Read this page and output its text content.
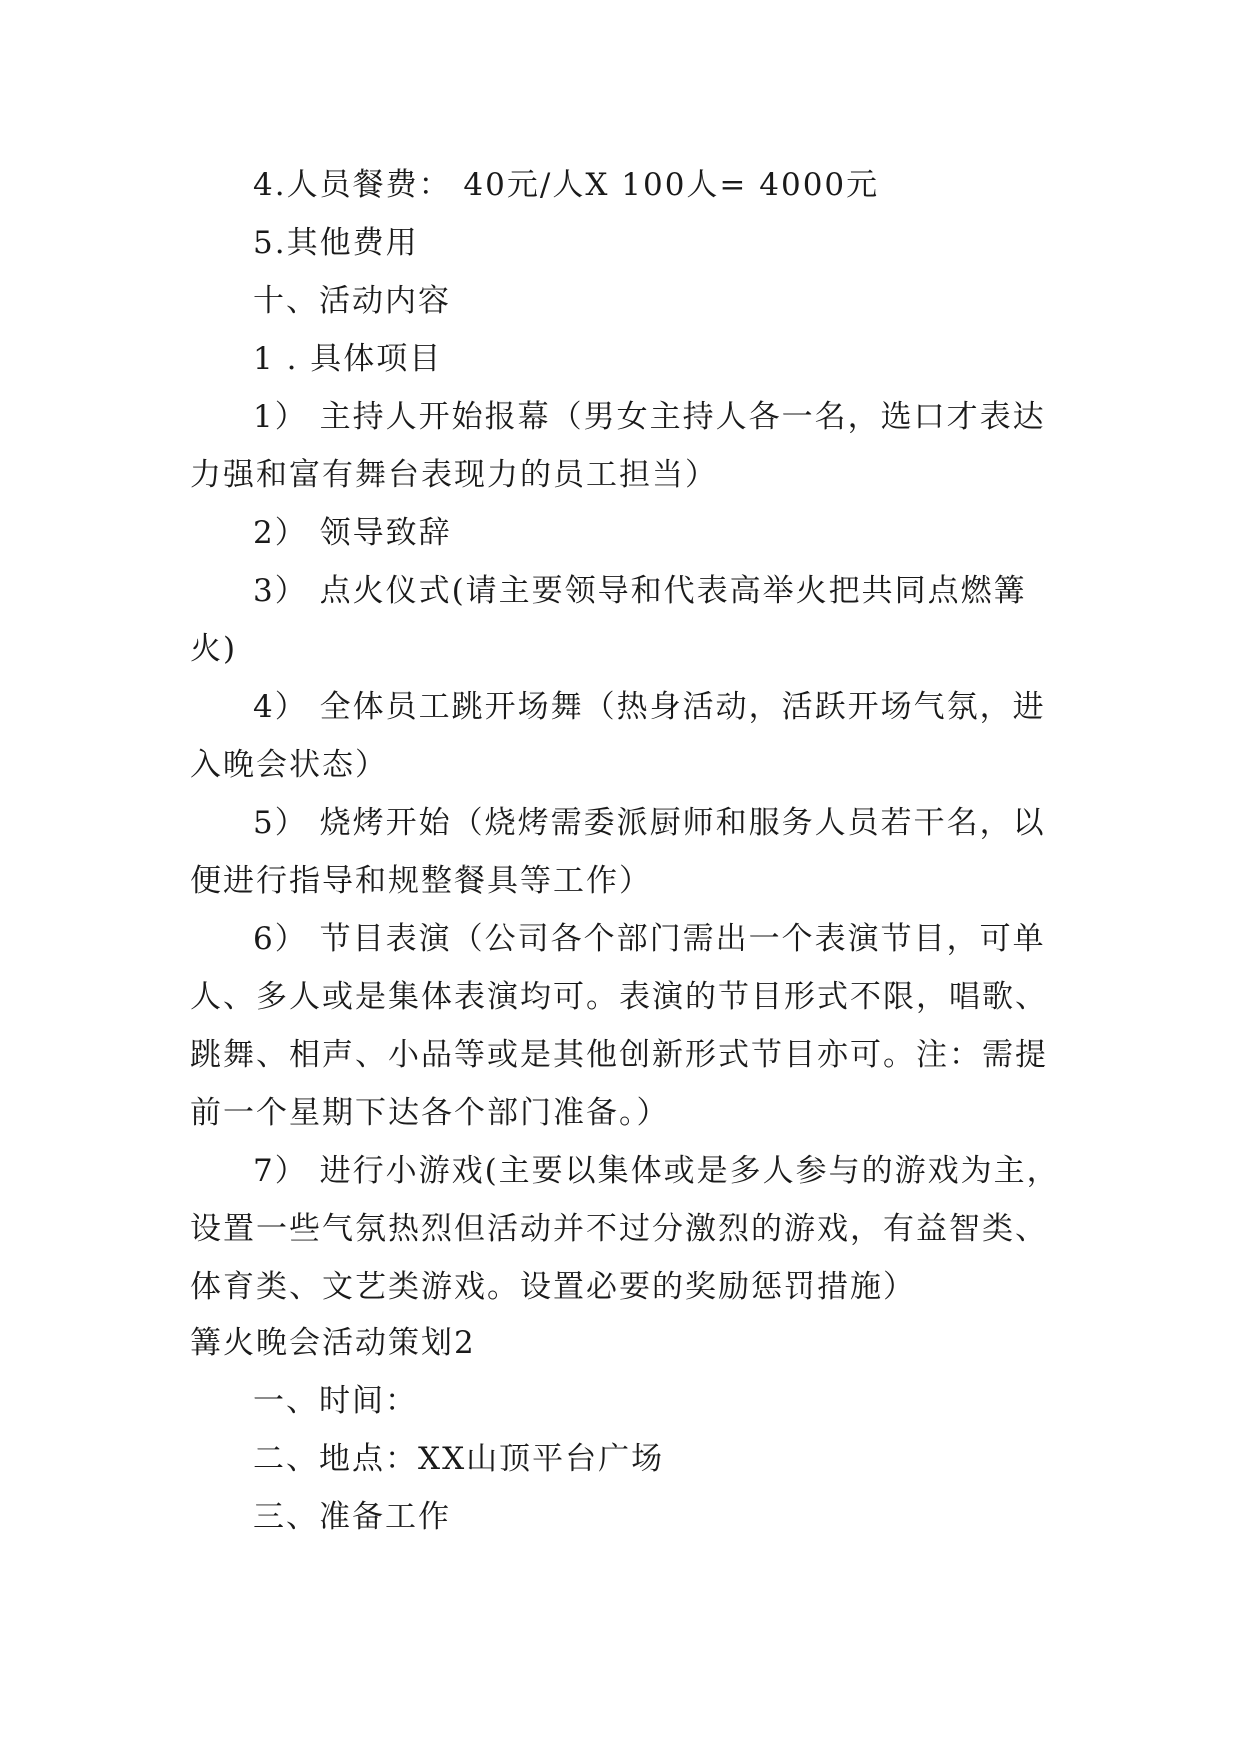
4.人员餐费： 40元/人X 100人= 4000元
5.其他费用
十、活动内容
1 . 具体项目
1） 主持人开始报幕（男女主持人各一名，选口才表达
力强和富有舞台表现力的员工担当）
2） 领导致辞
3） 点火仪式(请主要领导和代表高举火把共同点燃篝
火)
4） 全体员工跳开场舞（热身活动，活跃开场气氛，进
入晚会状态）
5） 烧烤开始（烧烤需委派厨师和服务人员若干名，以
便进行指导和规整餐具等工作）
6） 节目表演（公司各个部门需出一个表演节目，可单
人、多人或是集体表演均可。表演的节目形式不限，唱歌、
跳舞、相声、小品等或是其他创新形式节目亦可。注：需提
前一个星期下达各个部门准备。）
7） 进行小游戏(主要以集体或是多人参与的游戏为主，
设置一些气氛热烈但活动并不过分激烈的游戏，有益智类、
体育类、文艺类游戏。设置必要的奖励惩罚措施）
篝火晚会活动策划2
一、时间：
二、地点：XX山顶平台广场
三、准备工作
